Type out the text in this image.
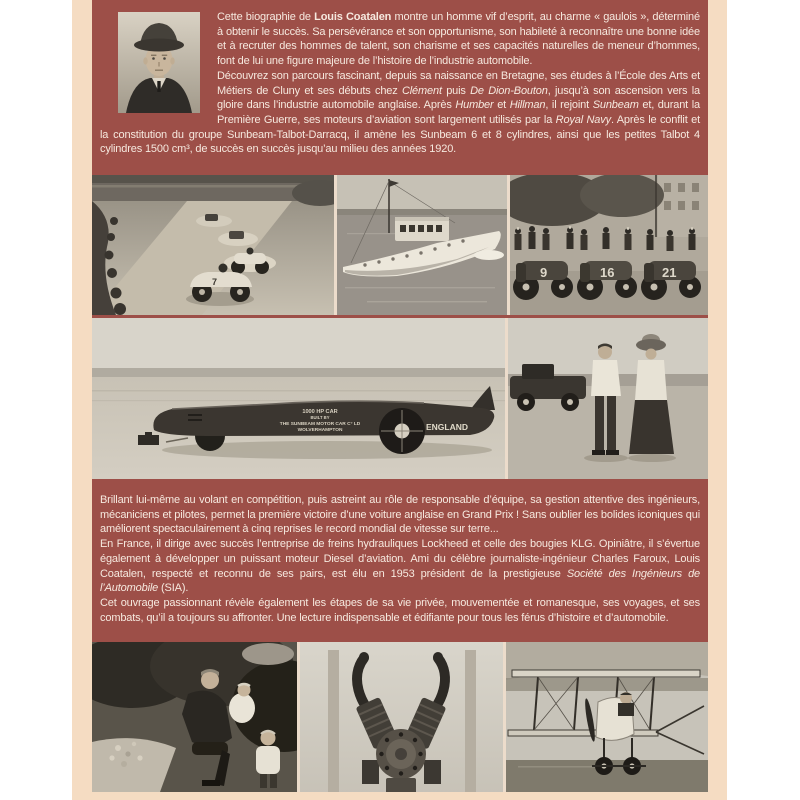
Cette biographie de Louis Coatalen montre un homme vif d’esprit, au charme « gaulois », déterminé à obtenir le succès. Sa persévérance et son opportunisme, son habileté à reconnaître une bonne idée et à recruter des hommes de talent, son charisme et ses capacités naturelles de meneur d’hommes, font de lui une figure majeure de l’histoire de l’industrie automobile.

Découvrez son parcours fascinant, depuis sa naissance en Bretagne, ses études à l’École des Arts et Métiers de Cluny et ses débuts chez Clément puis De Dion-Bouton, jusqu’à son ascension vers la gloire dans l’industrie automobile anglaise. Après Humber et Hillman, il rejoint Sunbeam et, durant la Première Guerre, ses moteurs d’aviation sont largement utilisés par la Royal Navy. Après le conflit et la constitution du groupe Sunbeam-Talbot-Darracq, il amène les Sunbeam 6 et 8 cylindres, ainsi que les petites Talbot 4 cylindres 1500 cm³, de succès en succès jusqu’au milieu des années 1920.

7
9	16	21
1000 HP CAR
BUILT BY
THE SUNBEAM MOTOR CAR C° LD
WOLVERHAMPTON	ENGLAND

Brillant lui-même au volant en compétition, puis astreint au rôle de responsable d’équipe, sa gestion attentive des ingénieurs, mécaniciens et pilotes, permet la première victoire d’une voiture anglaise en Grand Prix ! Sans oublier les bolides iconiques qui améliorent spectaculairement à cinq reprises le record mondial de vitesse sur terre...

En France, il dirige avec succès l’entreprise de freins hydrauliques Lockheed et celle des bougies KLG. Opiniâtre, il s’évertue également à développer un puissant moteur Diesel d’aviation. Ami du célèbre journaliste-ingénieur Charles Faroux, Louis Coatalen, respecté et reconnu de ses pairs, est élu en 1953 président de la prestigieuse Société des Ingénieurs de l’Automobile (SIA).

Cet ouvrage passionnant révèle également les étapes de sa vie privée, mouvementée et romanesque, ses voyages, et ses combats, qu’il a toujours su affronter. Une lecture indispensable et édifiante pour tous les férus d’histoire et d’automobile.
